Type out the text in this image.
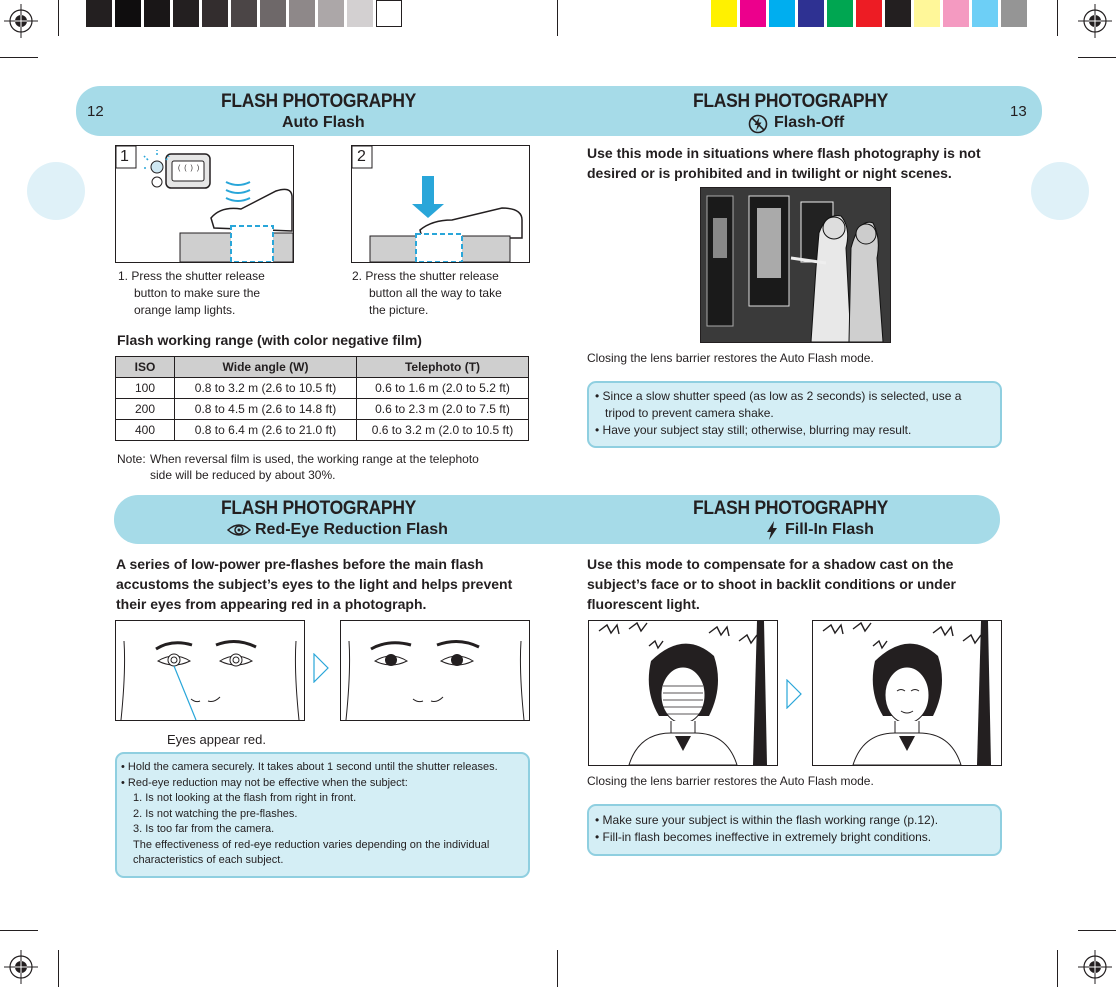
12	13
FLASH PHOTOGRAPHY
Auto Flash
FLASH PHOTOGRAPHY
Flash-Off
1
( ( ) )
1. Press the shutter release
button to make sure the
orange lamp lights.
2
2. Press the shutter release
button all the way to take
the picture.
Flash working range (with color negative film)
ISO	Wide angle (W)	Telephoto (T)
100	0.8 to 3.2 m (2.6 to 10.5 ft)	0.6 to 1.6 m (2.0 to 5.2 ft)
200	0.8 to 4.5 m (2.6 to 14.8 ft)	0.6 to 2.3 m (2.0 to 7.5 ft)
400	0.8 to 6.4 m (2.6 to 21.0 ft)	0.6 to 3.2 m (2.0 to 10.5 ft)
Note: When reversal film is used, the working range at the telephoto
side will be reduced by about 30%.
Use this mode in situations where flash photography is not
desired or is prohibited and in twilight or night scenes.
Closing the lens barrier restores the Auto Flash mode.
• Since a slow shutter speed (as low as 2 seconds) is selected, use a
tripod to prevent camera shake.
• Have your subject stay still; otherwise, blurring may result.
FLASH PHOTOGRAPHY
Red-Eye Reduction Flash
FLASH PHOTOGRAPHY
Fill-In Flash
A series of low-power pre-flashes before the main flash
accustoms the subject’s eyes to the light and helps prevent
their eyes from appearing red in a photograph.
Eyes appear red.
• Hold the camera securely. It takes about 1 second until the shutter releases.
• Red-eye reduction may not be effective when the subject:
1. Is not looking at the flash from right in front.
2. Is not watching the pre-flashes.
3. Is too far from the camera.
The effectiveness of red-eye reduction varies depending on the individual
characteristics of each subject.
Use this mode to compensate for a shadow cast on the
subject’s face or to shoot in backlit conditions or under
fluorescent light.
Closing the lens barrier restores the Auto Flash mode.
• Make sure your subject is within the flash working range (p.12).
• Fill-in flash becomes ineffective in extremely bright conditions.
